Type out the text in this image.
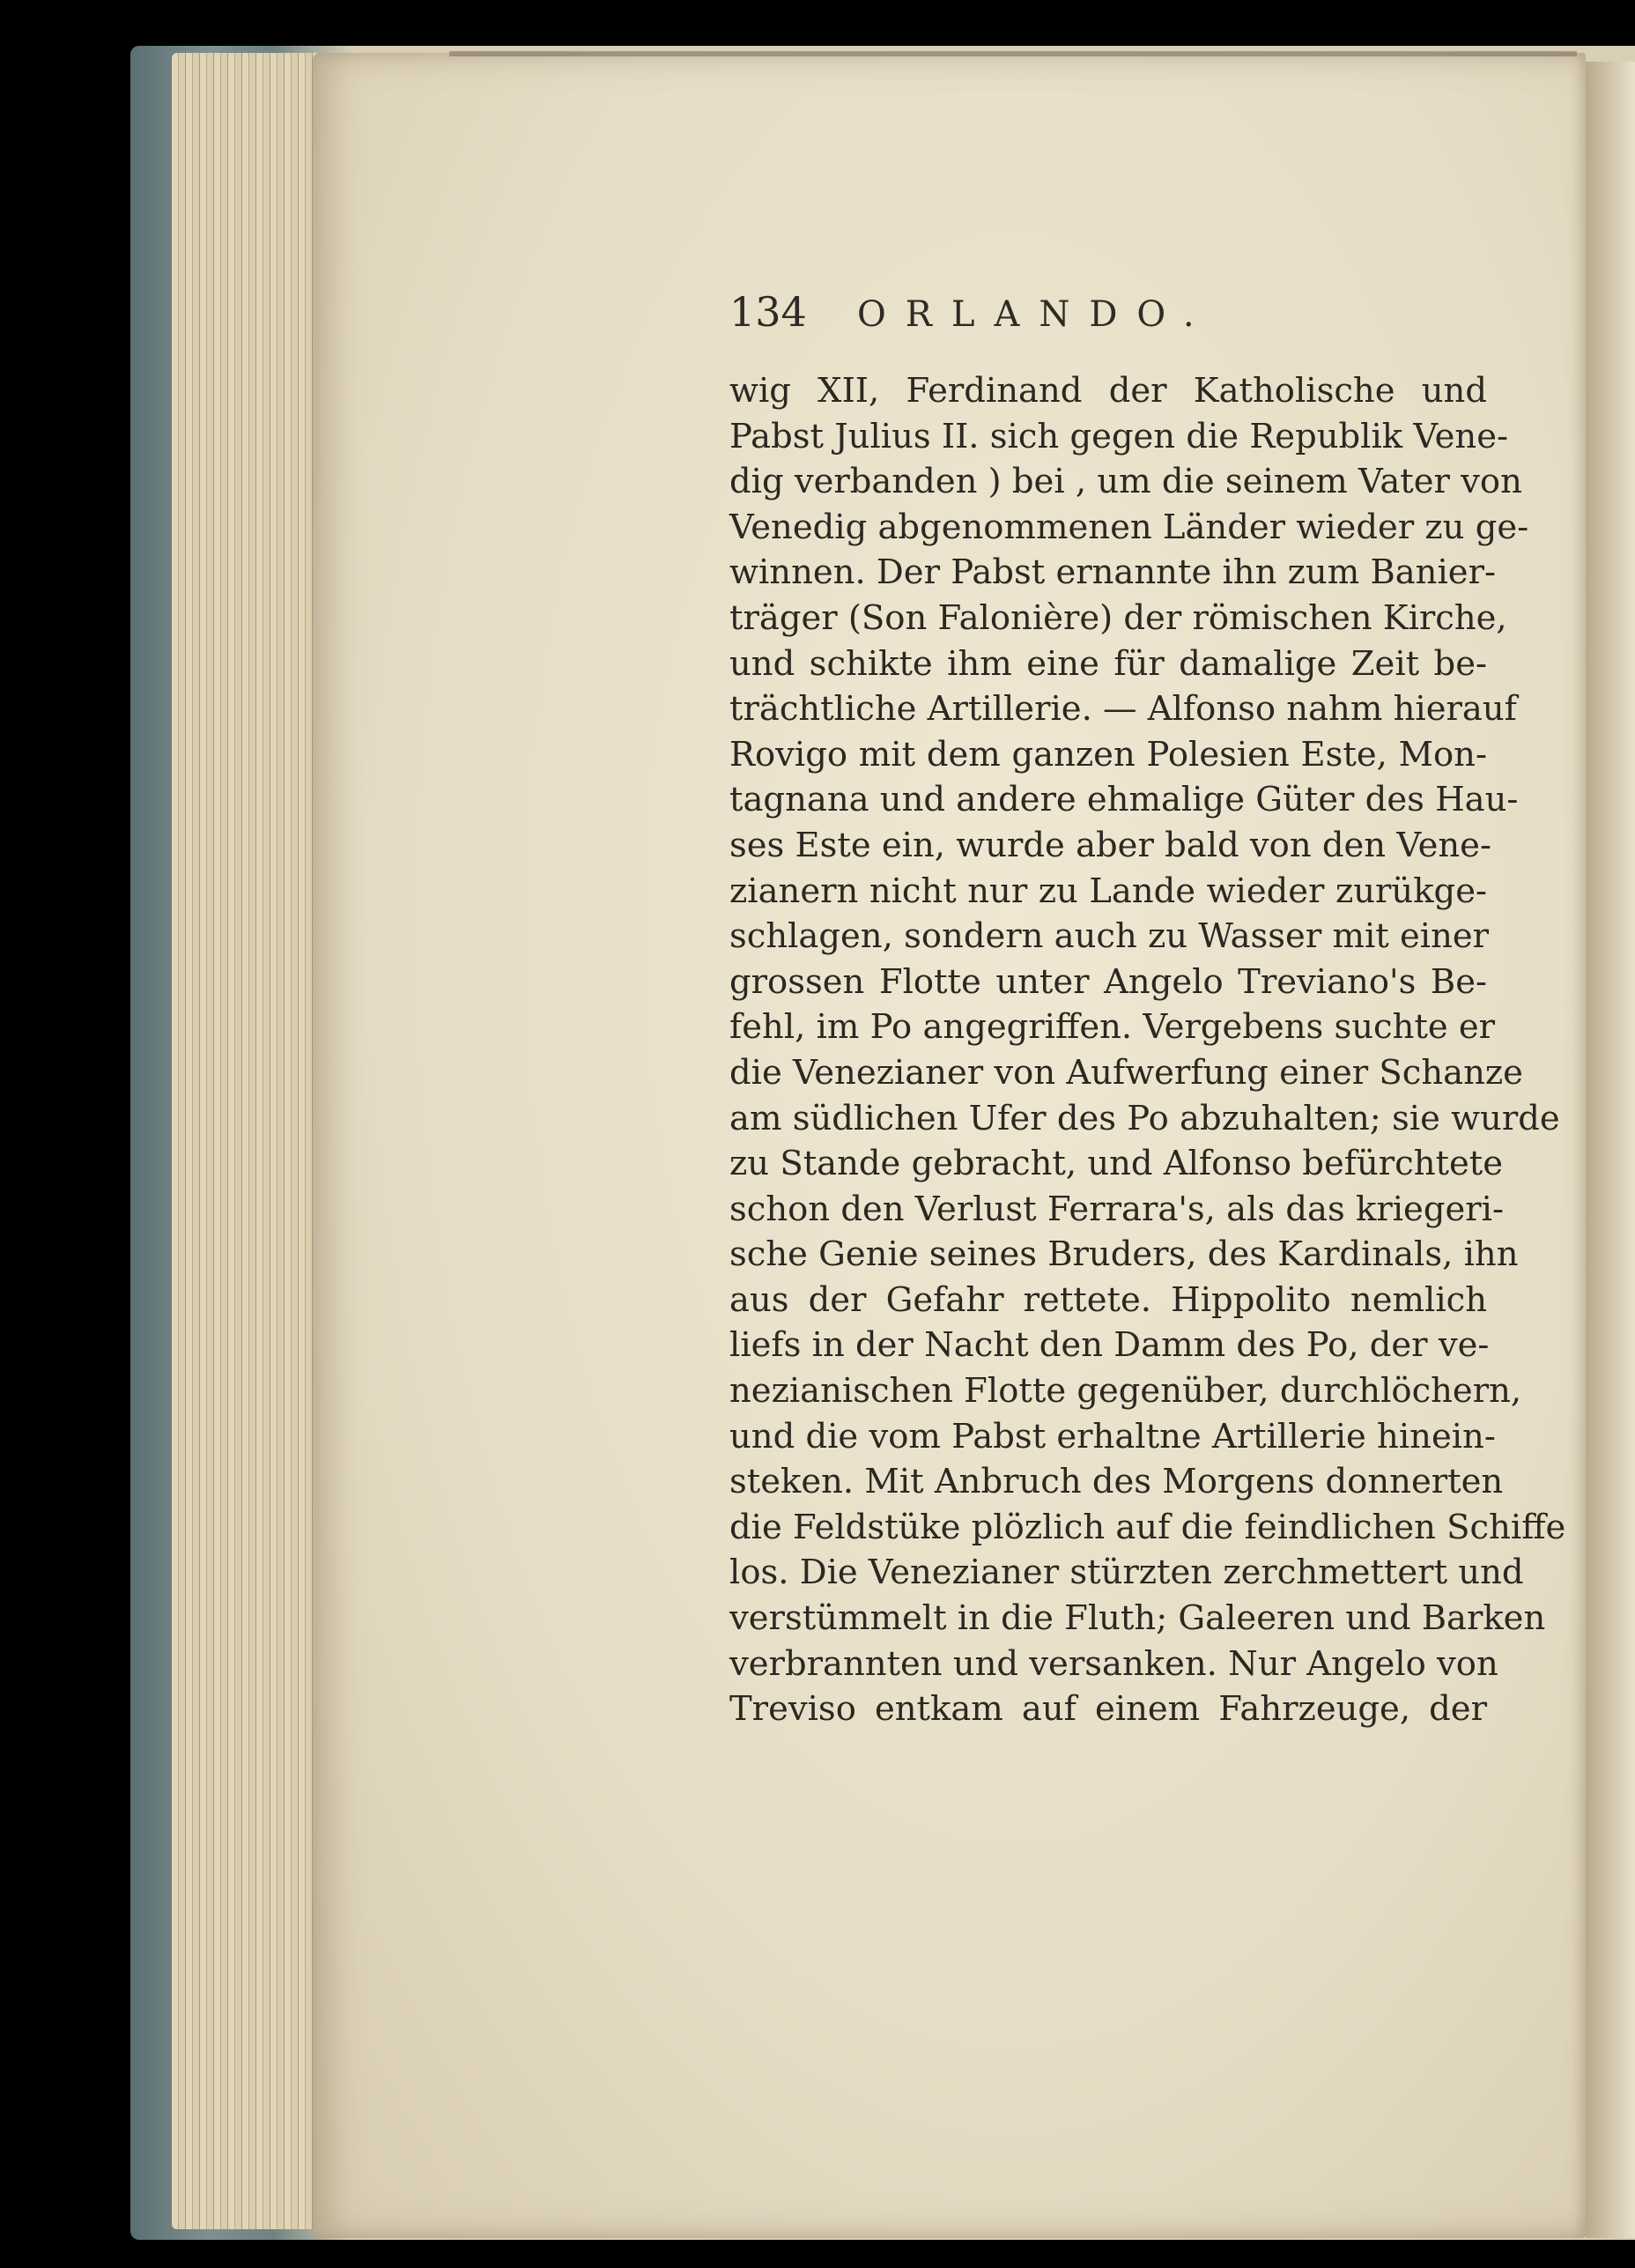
134	ORLANDO.
wig XII, Ferdinand der Katholische und
Pabst Julius II. sich gegen die Republik Vene-
dig verbanden ) bei , um die seinem Vater von
Venedig abgenommenen Länder wieder zu ge-
winnen. Der Pabst ernannte ihn zum Banier-
träger (Son Falonière) der römischen Kirche,
und schikte ihm eine für damalige Zeit be-
trächtliche Artillerie. — Alfonso nahm hierauf
Rovigo mit dem ganzen Polesien Este, Mon-
tagnana und andere ehmalige Güter des Hau-
ses Este ein, wurde aber bald von den Vene-
zianern nicht nur zu Lande wieder zurükge-
schlagen, sondern auch zu Wasser mit einer
grossen Flotte unter Angelo Treviano's Be-
fehl, im Po angegriffen. Vergebens suchte er
die Venezianer von Aufwerfung einer Schanze
am südlichen Ufer des Po abzuhalten; sie wurde
zu Stande gebracht, und Alfonso befürchtete
schon den Verlust Ferrara's, als das kriegeri-
sche Genie seines Bruders, des Kardinals, ihn
aus der Gefahr rettete. Hippolito nemlich
liefs in der Nacht den Damm des Po, der ve-
nezianischen Flotte gegenüber, durchlöchern,
und die vom Pabst erhaltne Artillerie hinein-
steken. Mit Anbruch des Morgens donnerten
die Feldstüke plözlich auf die feindlichen Schiffe
los. Die Venezianer stürzten zerchmettert und
verstümmelt in die Fluth; Galeeren und Barken
verbrannten und versanken. Nur Angelo von
Treviso entkam auf einem Fahrzeuge, der
